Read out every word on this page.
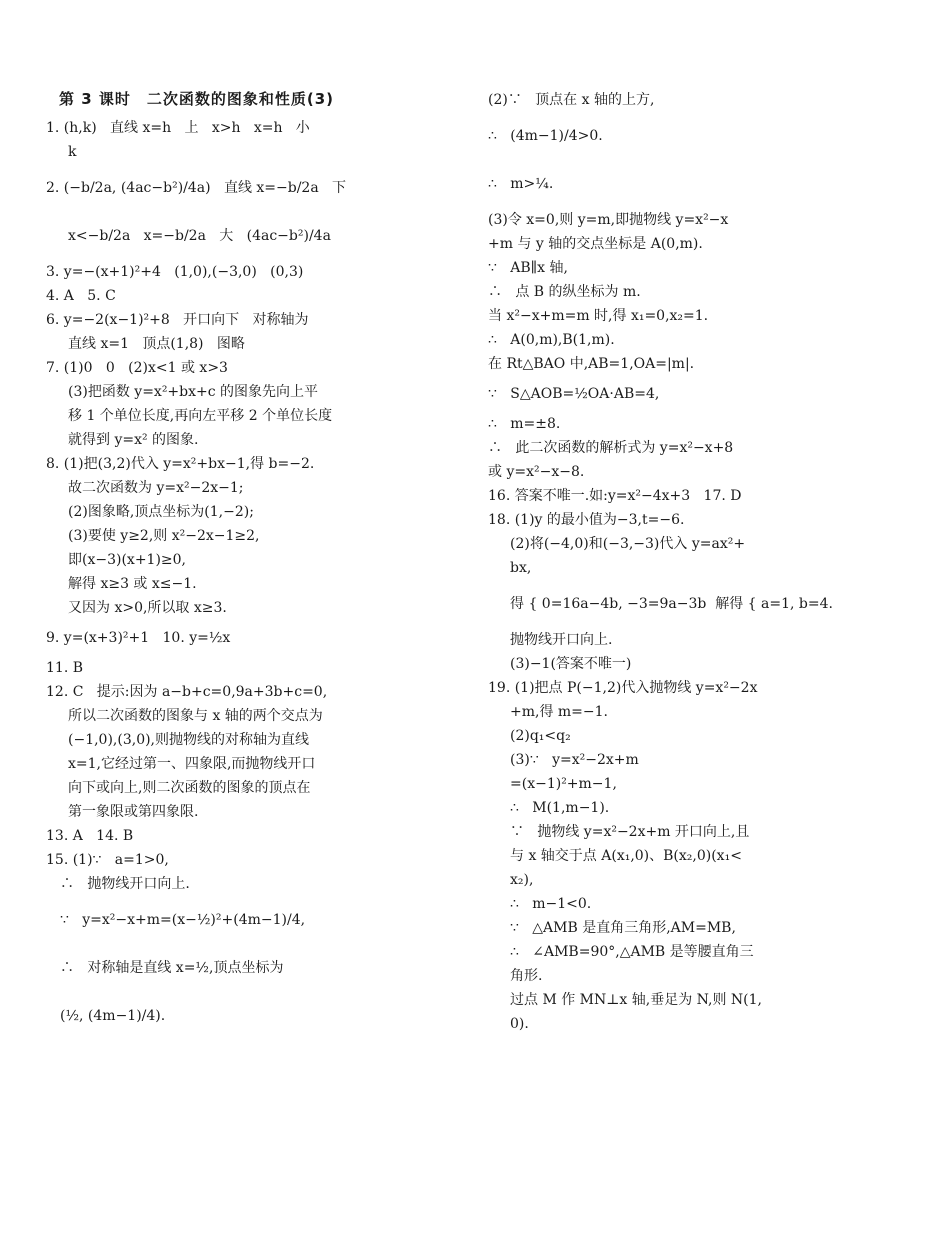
第 3 课时　二次函数的图象和性质(3)
1. (h,k)   直线 x=h   上   x>h   x=h   小
k
2. (−b/2a, (4ac−b²)/4a)   直线 x=−b/2a   下
x<−b/2a   x=−b/2a   大   (4ac−b²)/4a
3. y=−(x+1)²+4   (1,0),(−3,0)   (0,3)
4. A   5. C
6. y=−2(x−1)²+8   开口向下   对称轴为
直线 x=1   顶点(1,8)   图略
7. (1)0   0   (2)x<1 或 x>3
(3)把函数 y=x²+bx+c 的图象先向上平
移 1 个单位长度,再向左平移 2 个单位长度
就得到 y=x² 的图象.
8. (1)把(3,2)代入 y=x²+bx−1,得 b=−2.
故二次函数为 y=x²−2x−1;
(2)图象略,顶点坐标为(1,−2);
(3)要使 y≥2,则 x²−2x−1≥2,
即(x−3)(x+1)≥0,
解得 x≥3 或 x≤−1.
又因为 x>0,所以取 x≥3.
9. y=(x+3)²+1   10. y=½x
11. B
12. C   提示:因为 a−b+c=0,9a+3b+c=0,
所以二次函数的图象与 x 轴的两个交点为
(−1,0),(3,0),则抛物线的对称轴为直线
x=1,它经过第一、四象限,而抛物线开口
向下或向上,则二次函数的图象的顶点在
第一象限或第四象限.
13. A   14. B
15. (1)∵   a=1>0,
∴   抛物线开口向上.
∵   y=x²−x+m=(x−½)²+(4m−1)/4,
∴   对称轴是直线 x=½,顶点坐标为
(½, (4m−1)/4).
(2)∵   顶点在 x 轴的上方,
∴   (4m−1)/4>0.
∴   m>¼.
(3)令 x=0,则 y=m,即抛物线 y=x²−x
+m 与 y 轴的交点坐标是 A(0,m).
∵   AB∥x 轴,
∴   点 B 的纵坐标为 m.
当 x²−x+m=m 时,得 x₁=0,x₂=1.
∴   A(0,m),B(1,m).
在 Rt△BAO 中,AB=1,OA=|m|.
∵   S△AOB=½OA·AB=4,
∴   m=±8.
∴   此二次函数的解析式为 y=x²−x+8
或 y=x²−x−8.
16. 答案不唯一.如:y=x²−4x+3   17. D
18. (1)y 的最小值为−3,t=−6.
(2)将(−4,0)和(−3,−3)代入 y=ax²+
bx,
得 { 0=16a−4b, −3=9a−3b  解得 { a=1, b=4.
抛物线开口向上.
(3)−1(答案不唯一)
19. (1)把点 P(−1,2)代入抛物线 y=x²−2x
+m,得 m=−1.
(2)q₁<q₂
(3)∵   y=x²−2x+m
=(x−1)²+m−1,
∴   M(1,m−1).
∵   抛物线 y=x²−2x+m 开口向上,且
与 x 轴交于点 A(x₁,0)、B(x₂,0)(x₁<
x₂),
∴   m−1<0.
∵   △AMB 是直角三角形,AM=MB,
∴   ∠AMB=90°,△AMB 是等腰直角三
角形.
过点 M 作 MN⊥x 轴,垂足为 N,则 N(1,
0).
